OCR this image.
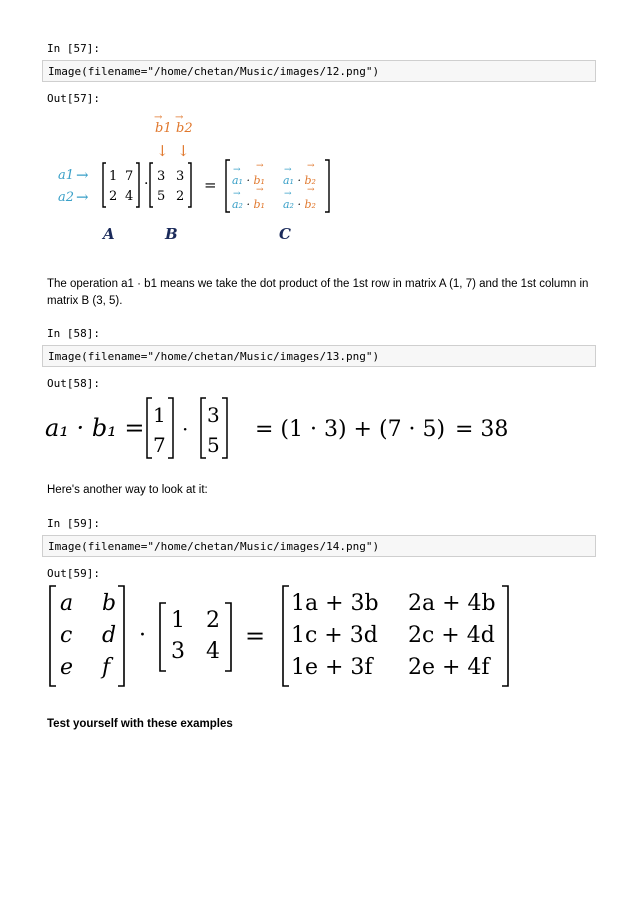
In [57]:
Image(filename="/home/chetan/Music/images/12.png")
Out[57]:
b1 b2
→ →
↓ ↓
a1 →
a2 →
1 7
2 4
· 3 3
5 2
= a₁ · b₁ a₁ · b₂
a₂ · b₁ a₂ · b₂
→ → → →
→ → → →
A	B	C
The operation a1 · b1 means we take the dot product of the 1st row in matrix A (1, 7) and the 1st column in matrix B (3, 5).
In [58]:
Image(filename="/home/chetan/Music/images/13.png")
Out[58]:
a₁ · b₁ = 1
7
·
3
5
= (1 · 3) + (7 · 5) = 38
Here's another way to look at it:
In [59]:
Image(filename="/home/chetan/Music/images/14.png")
Out[59]:
a b
c d
e f
·
1 2
3 4
=
1a + 3b 2a + 4b
1c + 3d 2c + 4d
1e + 3f 2e + 4f
Test yourself with these examples
